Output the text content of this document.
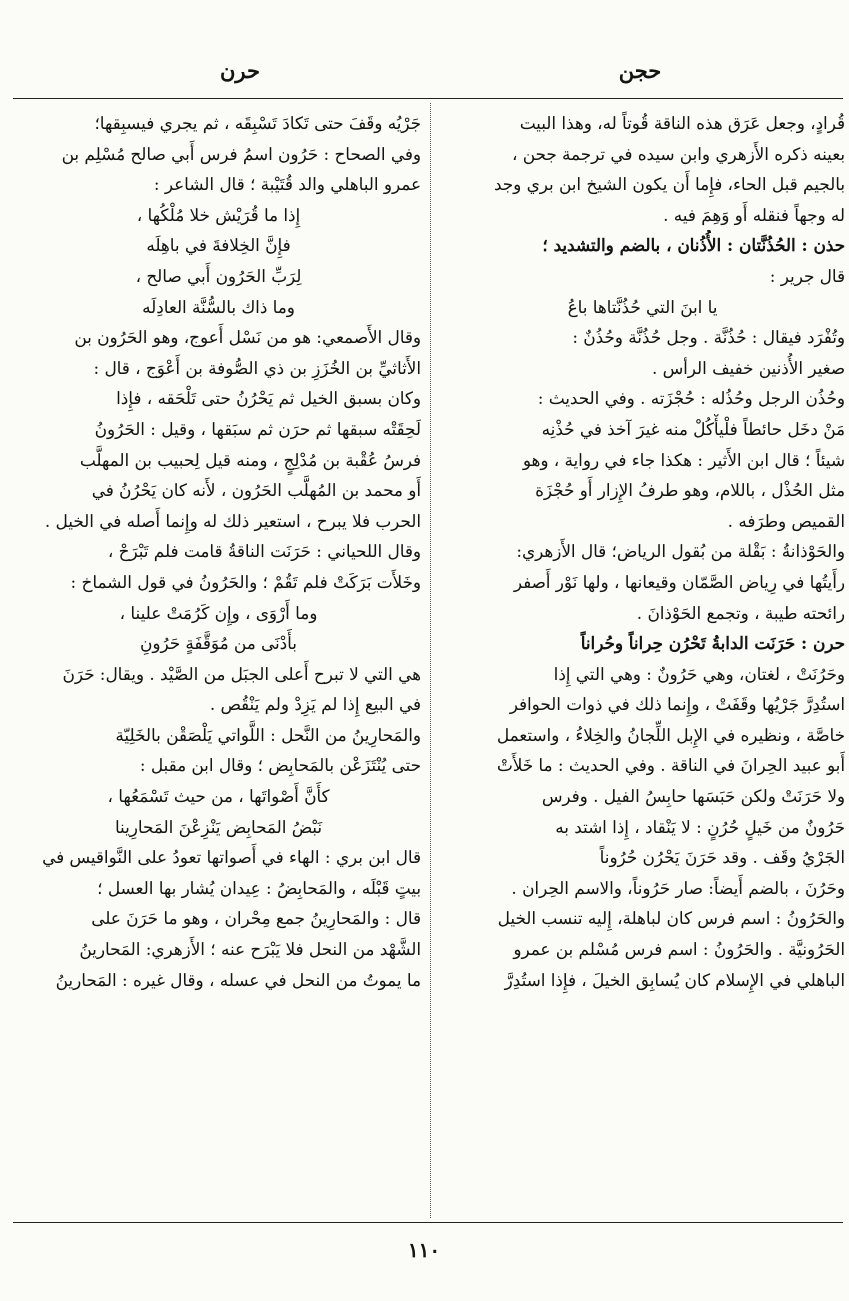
حجن
حرن
قُرادٍ، وجعل عَرَق هذه الناقة قُوتاً له، وهذا البيت
بعينه ذكره الأَزهري وابن سيده في ترجمة جحن ،
بالجيم قبل الحاء، فإِما أَن يكون الشيخ ابن بري وجد
له وجهاً فنقله أَو وَهِمَ فيه .
حذن : الحُذُنَّتان : الأُذُنان ، بالضم والتشديد ؛
قال جرير :
يا ابنَ التي حُذُنَّتاها باعُ
وتُفْرَد فيقال : حُذُنَّة . وجل حُذُنَّة وحُذُنٌ :
صغير الأُذنين خفيف الرأس .
وحُذُن الرجل وحُذُله : حُجْزَته . وفي الحديث :
مَنْ دخَل حائطاً فلْيأْكُلْ منه غيرَ آخذ في حُذْنِه
شيئاً ؛ قال ابن الأَثير : هكذا جاء في رواية ، وهو
مثل الحُذْل ، باللام، وهو طرفُ الإِزار أَو حُجْزَة
القميص وطرَفه .
والحَوْذانةُ : بَقْلة من بُقول الرياض؛ قال الأَزهري:
رأَيتُها في رِياض الصَّمّان وقيعانها ، ولها نَوْر أَصفر
رائحته طيبة ، وتجمع الحَوْذانَ .
حرن : حَرَنَت الدابةُ تَحْرُن حِراناً وحُراناً
وحَرُنَتْ ، لغتان، وهي حَرُونٌ : وهي التي إِذا
استُدِرَّ جَرْيُها وقَفَتْ ، وإِنما ذلك في ذوات الحوافر
خاصَّة ، ونظيره في الإِبل اللِّجانُ والخِلاءُ ، واستعمل
أَبو عبيد الحِرانَ في الناقة . وفي الحديث : ما خَلأَتْ
ولا حَرَنَتْ ولكن حَبَسَها حابِسُ الفيل . وفرس
حَرُونٌ من خَيلٍ حُرُنٍ : لا يَنْقاد ، إِذا اشتد به
الجَرْيُ وقَف . وقد حَرَنَ يَحْرُن حُرُوناً
وحَرُنَ ، بالضم أَيضاً: صار حَرُوناً، والاسم الحِران .
والحَرُونُ : اسم فرس كان لباهلة، إِليه تنسب الخيل
الحَرُونيَّة . والحَرُونُ : اسم فرس مُسْلم بن عمرو
الباهلي في الإِسلام كان يُسابِق الخيلَ ، فإِذا استُدِرَّ
جَرْيُه وقَفَ حتى تَكادَ تَسْبِقَه ، ثم يجري فيسبِقها؛
وفي الصحاح : حَرُون اسمُ فرس أَبي صالح مُسْلِم بن
عمرو الباهلي والد قُتَيْبة ؛ قال الشاعر :
إِذا ما قُرَيْش خلا مُلْكُها ،
فإِنَّ الخِلافةَ في باهِلَه
لِرَبِّ الحَرُون أَبي صالح ،
وما ذاك بالسُّنَّة العادِلَه
وقال الأَصمعي: هو من نَسْل أَعوج، وهو الحَرُون بن
الأَثاثيِّ بن الخُزَزِ بن ذي الصُّوفة بن أَعْوَج ، قال :
وكان بسبق الخيل ثم يَحْرُنُ حتى تَلْحَقه ، فإِذا
لَحِقَتْه سبقها ثم حرَن ثم سبَقها ، وقيل : الحَرُونُ
فرسُ عُقْبة بن مُدْلِجٍ ، ومنه قيل لِحبيب بن المهلَّب
أَو محمد بن المُهلَّب الحَرُون ، لأَنه كان يَحْرُنُ في
الحرب فلا يبرح ، استعير ذلك له وإِنما أَصله في الخيل .
وقال اللحياني : حَرَنَت الناقةُ قامت فلم تَبْرَحْ ،
وخَلأَت بَرَكَتْ فلم تَقُمْ ؛ والحَرُونُ في قول الشماخ :
وما أَرْوَى ، وإِن كَرُمَتْ علينا ،
بأَدْنَى من مُوَقَّفَةٍ حَرُونِ
هي التي لا تبرح أَعلى الجبَل من الصَّيْد . ويقال: حَرَنَ
في البيع إِذا لم يَزِدْ ولم يَنْقُص .
والمَحارِينُ من النَّحل : اللَّواتي يَلْصَقْن بالخَلِيّة
حتى يُنْتَزَعْن بالمَحابِض ؛ وقال ابن مقبل :
كأَنَّ أَصْواتَها ، من حيث تَسْمَعُها ،
نَبْضُ المَحابِض يَنْزِعْنَ المَحارِينا
قال ابن بري : الهاء في أَصواتها تعودُ على النَّواقيس في
بيتٍ قَبْلَه ، والمَحابِضُ : عِيدان يُشار بها العسل ؛
قال : والمَحارِينُ جمع مِحْران ، وهو ما حَرَنَ على
الشَّهْد من النحل فلا يَبْرَح عنه ؛ الأَزهري: المَحارينُ
ما يموتُ من النحل في عسله ، وقال غيره : المَحارينُ
١١٠
